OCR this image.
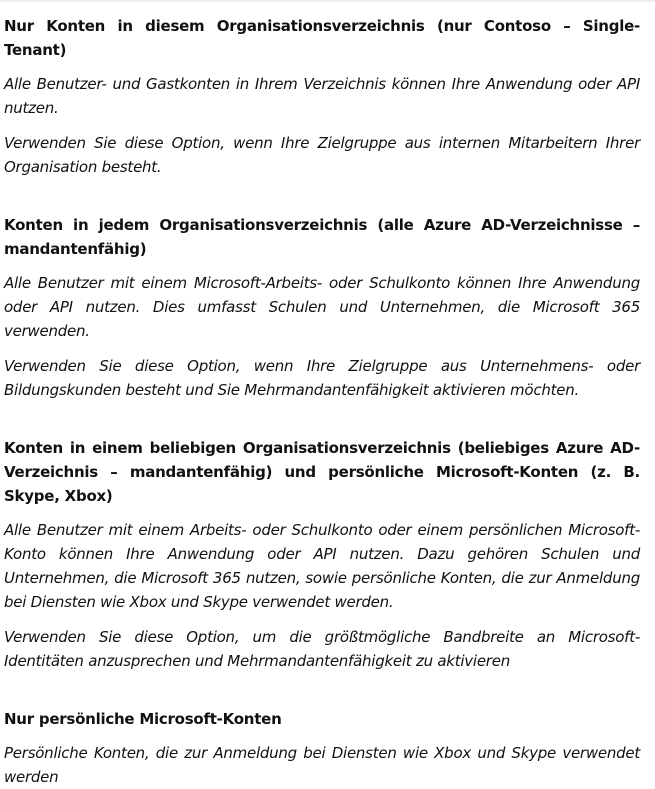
Nur Konten in diesem Organisationsverzeichnis (nur Contoso – Single-Tenant)
Alle Benutzer- und Gastkonten in Ihrem Verzeichnis können Ihre Anwendung oder API nutzen.
Verwenden Sie diese Option, wenn Ihre Zielgruppe aus internen Mitarbeitern Ihrer Organisation besteht.
Konten in jedem Organisationsverzeichnis (alle Azure AD-Verzeichnisse – mandantenfähig)
Alle Benutzer mit einem Microsoft-Arbeits- oder Schulkonto können Ihre Anwendung oder API nutzen. Dies umfasst Schulen und Unternehmen, die Microsoft 365 verwenden.
Verwenden Sie diese Option, wenn Ihre Zielgruppe aus Unternehmens- oder Bildungskunden besteht und Sie Mehrmandantenfähigkeit aktivieren möchten.
Konten in einem beliebigen Organisationsverzeichnis (beliebiges Azure AD-Verzeichnis – mandantenfähig) und persönliche Microsoft-Konten (z. B. Skype, Xbox)
Alle Benutzer mit einem Arbeits- oder Schulkonto oder einem persönlichen Microsoft-Konto können Ihre Anwendung oder API nutzen. Dazu gehören Schulen und Unternehmen, die Microsoft 365 nutzen, sowie persönliche Konten, die zur Anmeldung bei Diensten wie Xbox und Skype verwendet werden.
Verwenden Sie diese Option, um die größtmögliche Bandbreite an Microsoft-Identitäten anzusprechen und Mehrmandantenfähigkeit zu aktivieren
Nur persönliche Microsoft-Konten
Persönliche Konten, die zur Anmeldung bei Diensten wie Xbox und Skype verwendet werden
